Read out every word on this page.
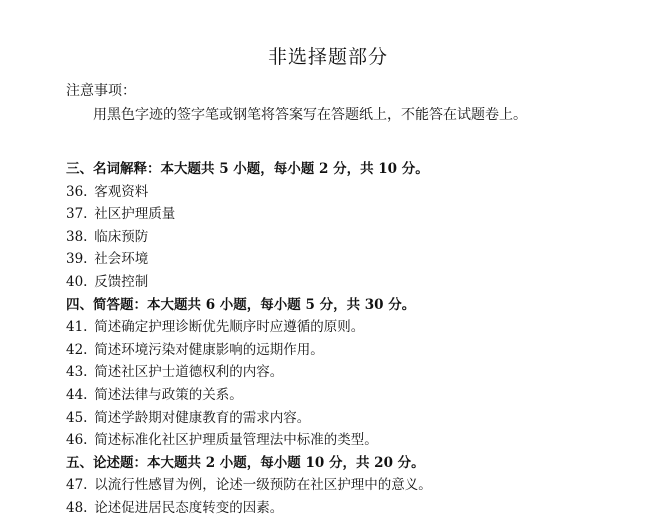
非选择题部分
注意事项：
用黑色字迹的签字笔或钢笔将答案写在答题纸上，不能答在试题卷上。
三、名词解释：本大题共 5 小题，每小题 2 分，共 10 分。
36. 客观资料
37. 社区护理质量
38. 临床预防
39. 社会环境
40. 反馈控制
四、简答题：本大题共 6 小题，每小题 5 分，共 30 分。
41. 简述确定护理诊断优先顺序时应遵循的原则。
42. 简述环境污染对健康影响的远期作用。
43. 简述社区护士道德权利的内容。
44. 简述法律与政策的关系。
45. 简述学龄期对健康教育的需求内容。
46. 简述标准化社区护理质量管理法中标准的类型。
五、论述题：本大题共 2 小题，每小题 10 分，共 20 分。
47. 以流行性感冒为例，论述一级预防在社区护理中的意义。
48. 论述促进居民态度转变的因素。
